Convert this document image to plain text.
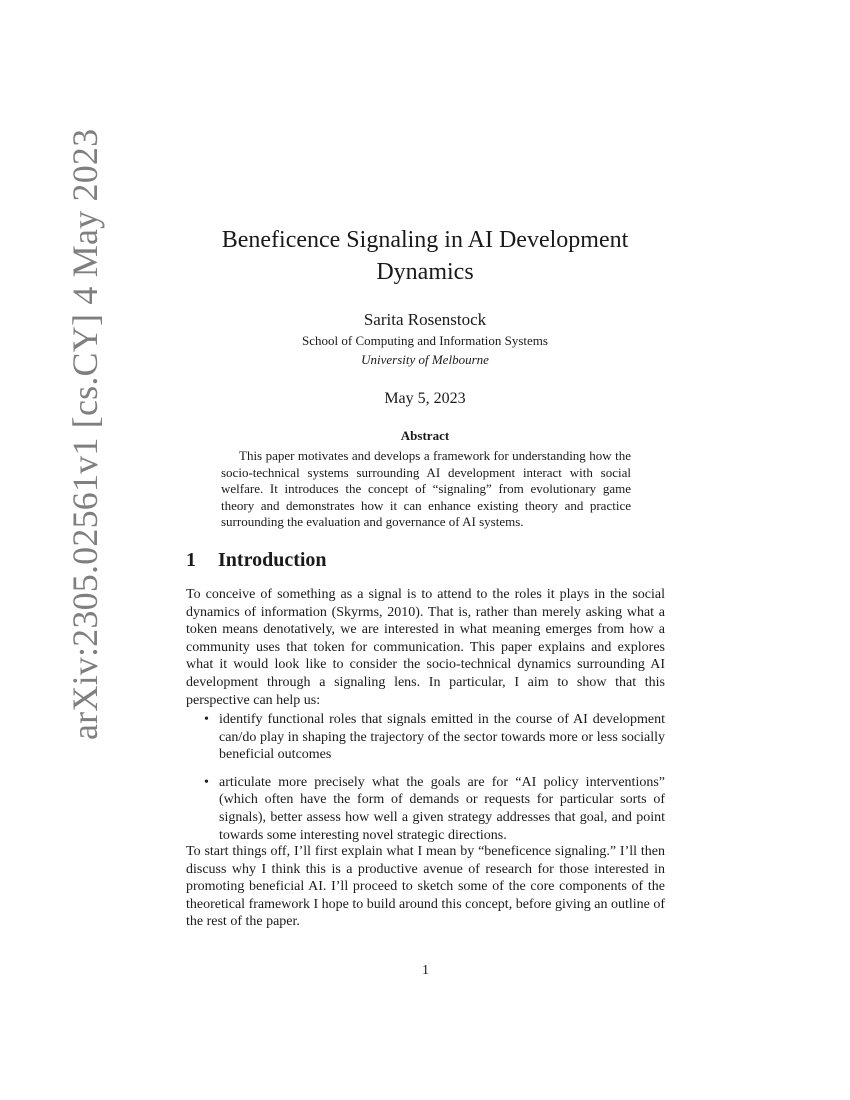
arXiv:2305.02561v1 [cs.CY] 4 May 2023	Beneficence Signaling in AI Development Dynamics
Sarita Rosenstock
School of Computing and Information Systems
University of Melbourne
May 5, 2023
Abstract

This paper motivates and develops a framework for understanding how the socio-technical systems surrounding AI development interact with social welfare. It introduces the concept of “signaling” from evolutionary game theory and demonstrates how it can enhance existing theory and practice surrounding the evaluation and governance of AI systems.

1 Introduction

To conceive of something as a signal is to attend to the roles it plays in the social dynamics of information (Skyrms, 2010). That is, rather than merely asking what a token means denotatively, we are interested in what meaning emerges from how a community uses that token for communication. This paper explains and explores what it would look like to consider the socio-technical dynamics surrounding AI development through a signaling lens. In particular, I aim to show that this perspective can help us:

• identify functional roles that signals emitted in the course of AI development can/do play in shaping the trajectory of the sector towards more or less socially beneficial outcomes
• articulate more precisely what the goals are for “AI policy interventions” (which often have the form of demands or requests for particular sorts of signals), better assess how well a given strategy addresses that goal, and point towards some interesting novel strategic directions.

To start things off, I’ll first explain what I mean by “beneficence signaling.” I’ll then discuss why I think this is a productive avenue of research for those interested in promoting beneficial AI. I’ll proceed to sketch some of the core components of the theoretical framework I hope to build around this concept, before giving an outline of the rest of the paper.

1
